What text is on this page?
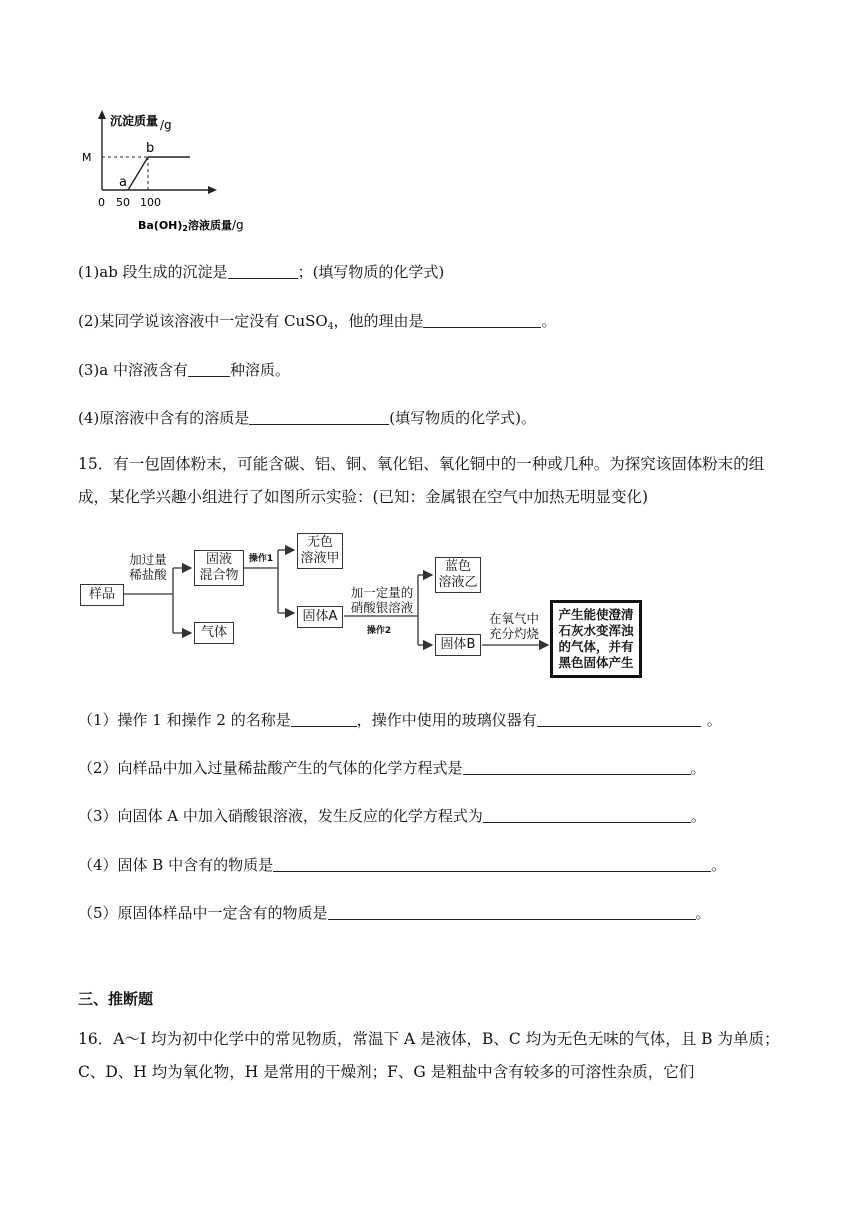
沉淀质量 /g
M
b
a
0 50 100
Ba(OH)2溶液质量/g
(1)ab 段生成的沉淀是	；(填写物质的化学式)
(2)某同学说该溶液中一定没有 CuSO$_4$，他的理由是	。
(3)a 中溶液含有	种溶质。
(4)原溶液中含有的溶质是	(填写物质的化学式)。
15．有一包固体粉末，可能含碳、铝、铜、氧化铝、氧化铜中的一种或几种。为探究该固体粉末的组成，某化学兴趣小组进行了如图所示实验：(已知：金属银在空气中加热无明显变化)
样品
加过量
稀盐酸
固液
混合物
气体
操作1
无色
溶液甲
固体A
加一定量的
硝酸银溶液
操作2
蓝色
溶液乙
固体B
在氧气中
充分灼烧
产生能使澄清
石灰水变浑浊
的气体，并有
黑色固体产生
（1）操作 1 和操作 2 的名称是	，操作中使用的玻璃仪器有	。
（2）向样品中加入过量稀盐酸产生的气体的化学方程式是	。
（3）向固体 A 中加入硝酸银溶液，发生反应的化学方程式为	。
（4）固体 B 中含有的物质是	。
（5）原固体样品中一定含有的物质是	。
三、推断题
16．A～I 均为初中化学中的常见物质，常温下 A 是液体，B、C 均为无色无味的气体，且 B 为单质；C、D、H 均为氧化物，H 是常用的干燥剂；F、G 是粗盐中含有较多的可溶性杂质，它们
